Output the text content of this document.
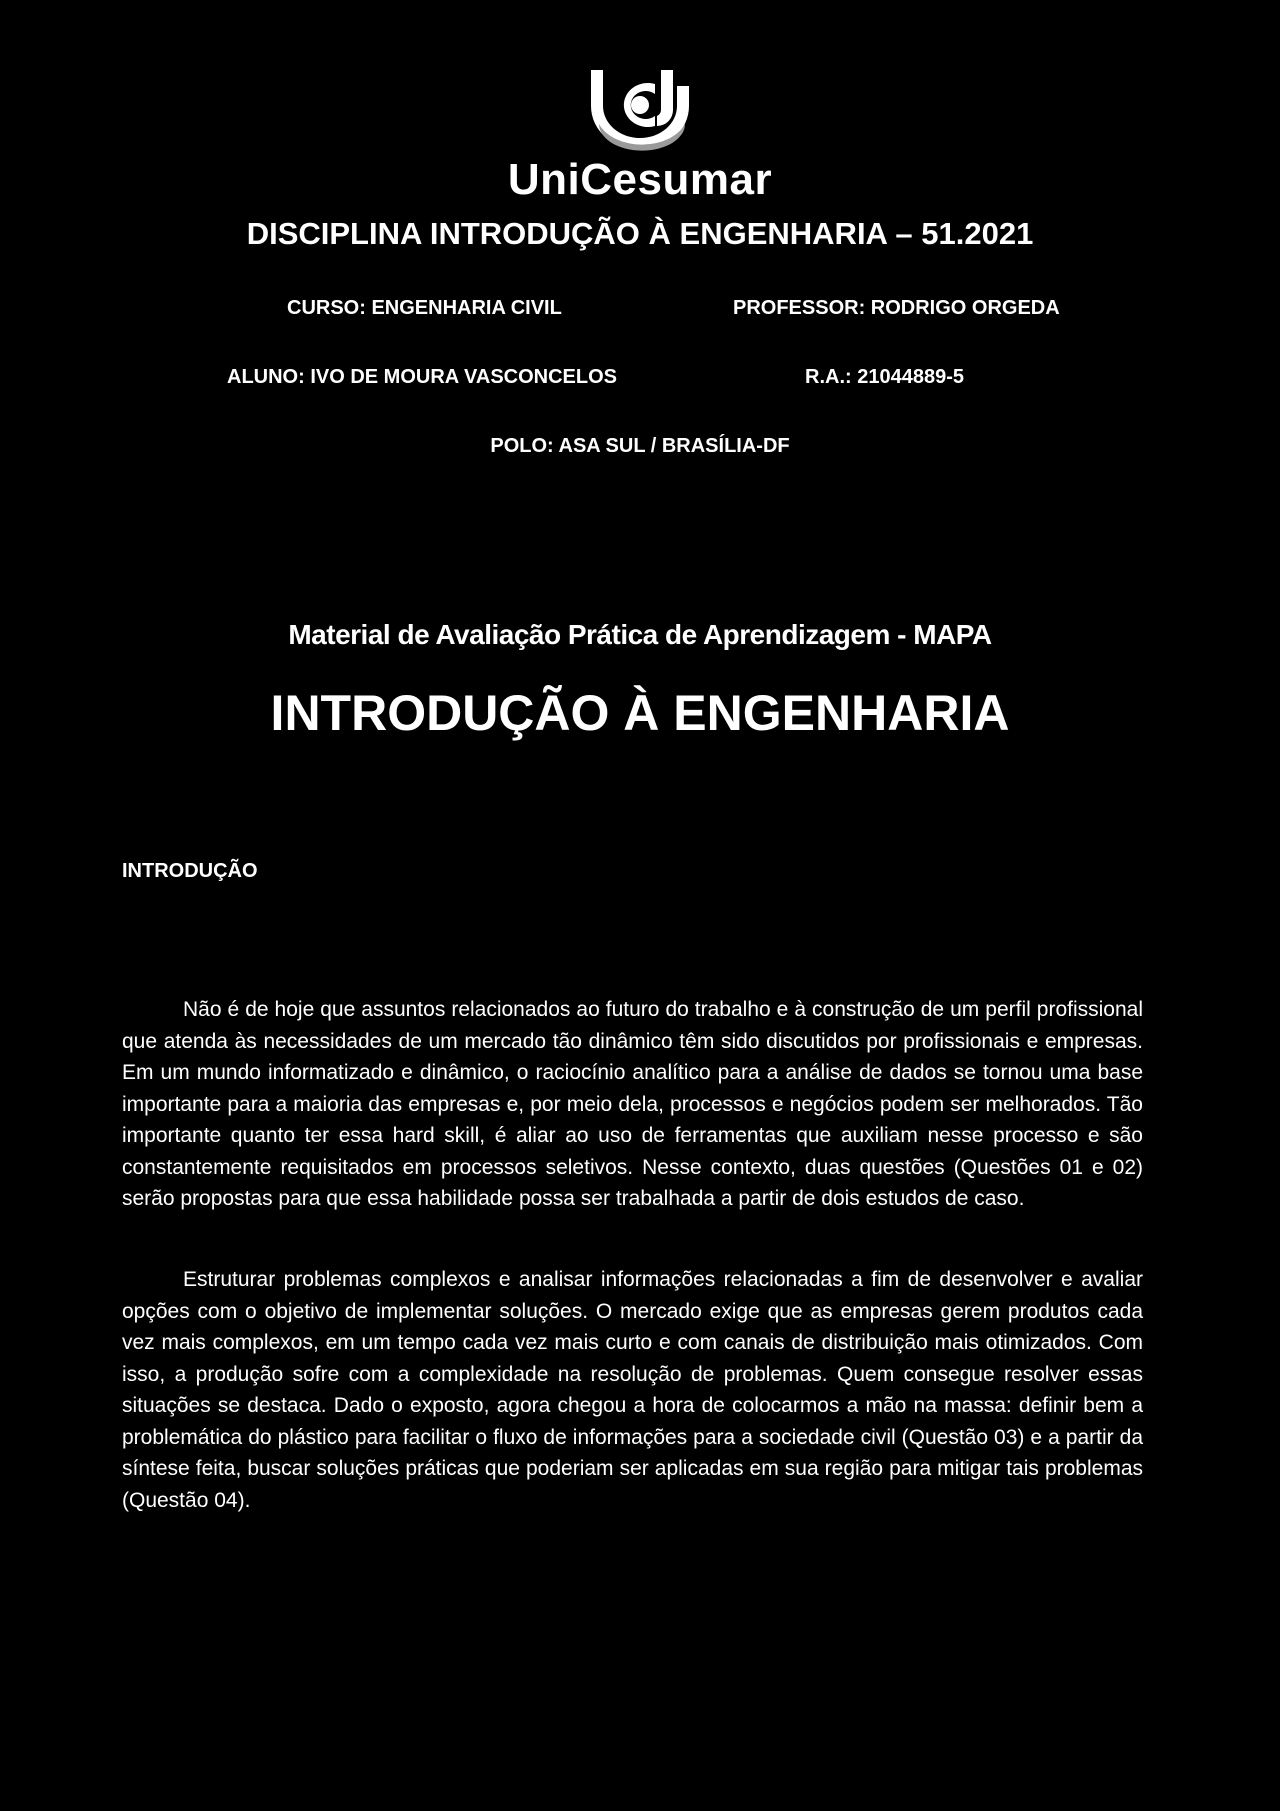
UniCesumar
DISCIPLINA INTRODUÇÃO À ENGENHARIA – 51.2021
CURSO: ENGENHARIA CIVIL	PROFESSOR: RODRIGO ORGEDA
ALUNO: IVO DE MOURA VASCONCELOS	R.A.: 21044889-5
POLO: ASA SUL / BRASÍLIA-DF
Material de Avaliação Prática de Aprendizagem - MAPA
INTRODUÇÃO À ENGENHARIA
INTRODUÇÃO

Não é de hoje que assuntos relacionados ao futuro do trabalho e à construção de um perfil profissional que atenda às necessidades de um mercado tão dinâmico têm sido discutidos por profissionais e empresas. Em um mundo informatizado e dinâmico, o raciocínio analítico para a análise de dados se tornou uma base importante para a maioria das empresas e, por meio dela, processos e negócios podem ser melhorados. Tão importante quanto ter essa hard skill, é aliar ao uso de ferramentas que auxiliam nesse processo e são constantemente requisitados em processos seletivos. Nesse contexto, duas questões (Questões 01 e 02) serão propostas para que essa habilidade possa ser trabalhada a partir de dois estudos de caso.

Estruturar problemas complexos e analisar informações relacionadas a fim de desenvolver e avaliar opções com o objetivo de implementar soluções. O mercado exige que as empresas gerem produtos cada vez mais complexos, em um tempo cada vez mais curto e com canais de distribuição mais otimizados. Com isso, a produção sofre com a complexidade na resolução de problemas. Quem consegue resolver essas situações se destaca. Dado o exposto, agora chegou a hora de colocarmos a mão na massa: definir bem a problemática do plástico para facilitar o fluxo de informações para a sociedade civil (Questão 03) e a partir da síntese feita, buscar soluções práticas que poderiam ser aplicadas em sua região para mitigar tais problemas (Questão 04).
